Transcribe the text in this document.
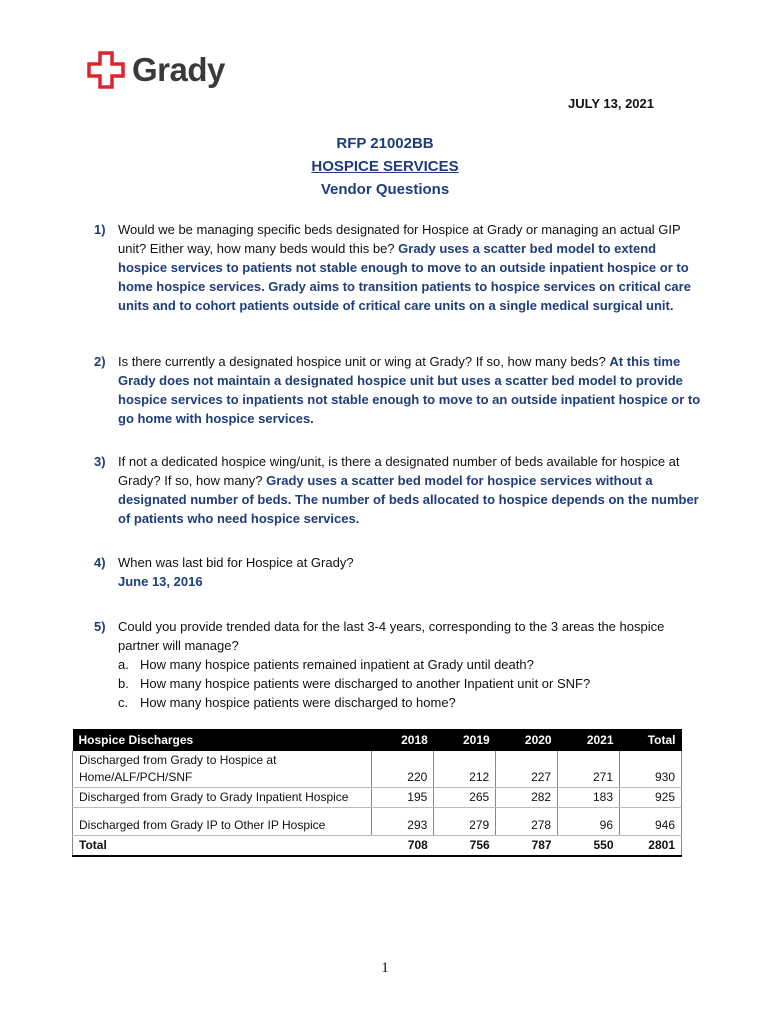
Grady
JULY 13, 2021
RFP 21002BB
HOSPICE SERVICES
Vendor Questions
1) Would we be managing specific beds designated for Hospice at Grady or managing an actual GIP unit? Either way, how many beds would this be? Grady uses a scatter bed model to extend hospice services to patients not stable enough to move to an outside inpatient hospice or to home hospice services. Grady aims to transition patients to hospice services on critical care units and to cohort patients outside of critical care units on a single medical surgical unit.
2) Is there currently a designated hospice unit or wing at Grady? If so, how many beds? At this time Grady does not maintain a designated hospice unit but uses a scatter bed model to provide hospice services to inpatients not stable enough to move to an outside inpatient hospice or to go home with hospice services.
3) If not a dedicated hospice wing/unit, is there a designated number of beds available for hospice at Grady? If so, how many? Grady uses a scatter bed model for hospice services without a designated number of beds. The number of beds allocated to hospice depends on the number of patients who need hospice services.
4) When was last bid for Hospice at Grady?
June 13, 2016
5) Could you provide trended data for the last 3-4 years, corresponding to the 3 areas the hospice partner will manage?
a. How many hospice patients remained inpatient at Grady until death?
b. How many hospice patients were discharged to another Inpatient unit or SNF?
c. How many hospice patients were discharged to home?
Hospice Discharges	2018	2019	2020	2021	Total
Discharged from Grady to Hospice at Home/ALF/PCH/SNF	220	212	227	271	930
Discharged from Grady to Grady Inpatient Hospice	195	265	282	183	925
Discharged from Grady IP to Other IP Hospice	293	279	278	96	946
Total	708	756	787	550	2801
1
